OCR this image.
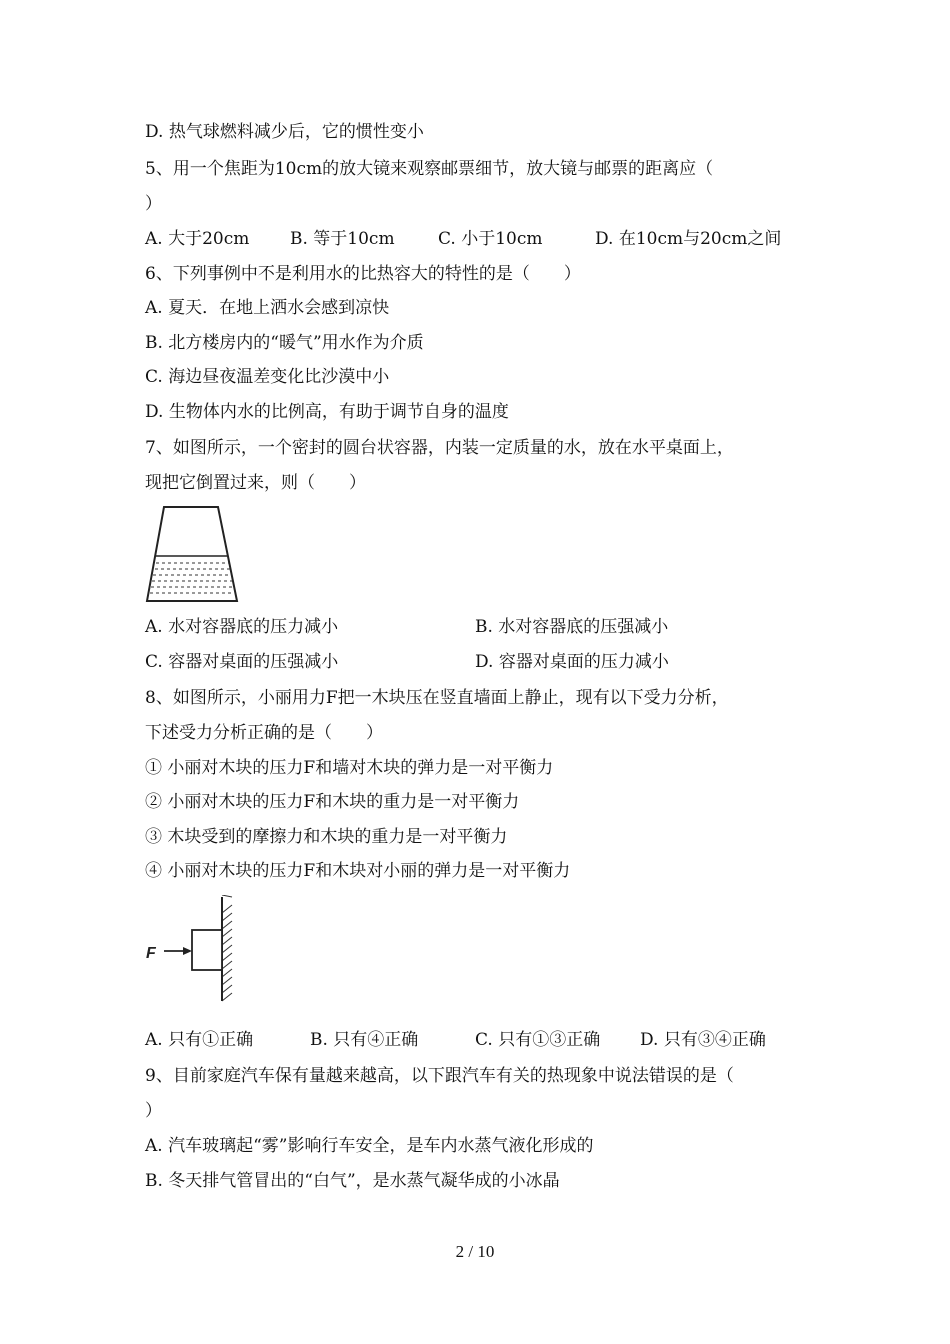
D. 热气球燃料减少后，它的惯性变小
5、用一个焦距为10cm的放大镜来观察邮票细节，放大镜与邮票的距离应（
）
A. 大于20cm B. 等于10cm	C. 小于10cm	D. 在10cm与20cm之间
6、下列事例中不是利用水的比热容大的特性的是（　　）
A. 夏天．在地上洒水会感到凉快
B. 北方楼房内的“暖气”用水作为介质
C. 海边昼夜温差变化比沙漠中小
D. 生物体内水的比例高，有助于调节自身的温度
7、如图所示，一个密封的圆台状容器，内装一定质量的水，放在水平桌面上，
现把它倒置过来，则（　　）
A. 水对容器底的压力减小	B. 水对容器底的压强减小
C. 容器对桌面的压强减小	D. 容器对桌面的压力减小
8、如图所示，小丽用力F把一木块压在竖直墙面上静止，现有以下受力分析，
下述受力分析正确的是（　　）
① 小丽对木块的压力F和墙对木块的弹力是一对平衡力
② 小丽对木块的压力F和木块的重力是一对平衡力
③ 木块受到的摩擦力和木块的重力是一对平衡力
④ 小丽对木块的压力F和木块对小丽的弹力是一对平衡力
F
A. 只有①正确	B. 只有④正确	C. 只有①③正确 D. 只有③④正确
9、目前家庭汽车保有量越来越高，以下跟汽车有关的热现象中说法错误的是（
）
A. 汽车玻璃起“雾”影响行车安全，是车内水蒸气液化形成的
B. 冬天排气管冒出的“白气”，是水蒸气凝华成的小冰晶
2 / 10
